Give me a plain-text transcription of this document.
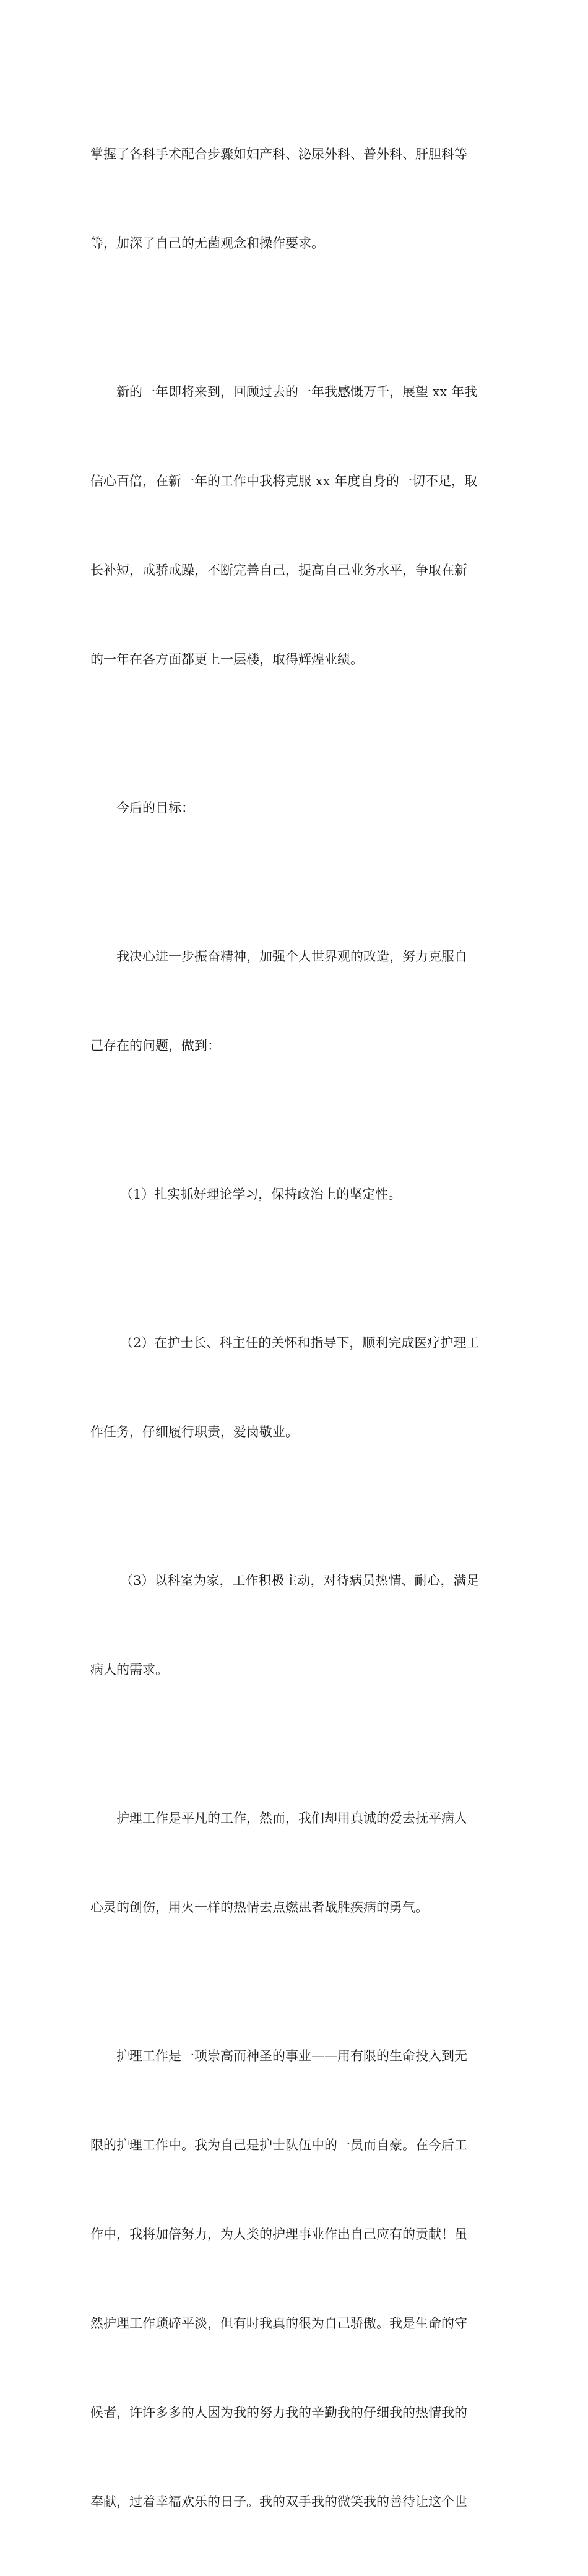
掌握了各科手术配合步骤如妇产科、泌尿外科、普外科、肝胆科等

等，加深了自己的无菌观念和操作要求。

新的一年即将来到，回顾过去的一年我感慨万千，展望 xx 年我

信心百倍，在新一年的工作中我将克服 xx 年度自身的一切不足，取

长补短，戒骄戒躁，不断完善自己，提高自己业务水平，争取在新

的一年在各方面都更上一层楼，取得辉煌业绩。

今后的目标：

我决心进一步振奋精神，加强个人世界观的改造，努力克服自

己存在的问题，做到：

（1）扎实抓好理论学习，保持政治上的坚定性。

（2）在护士长、科主任的关怀和指导下，顺利完成医疗护理工

作任务，仔细履行职责，爱岗敬业。

（3）以科室为家，工作积极主动，对待病员热情、耐心，满足

病人的需求。

护理工作是平凡的工作，然而，我们却用真诚的爱去抚平病人

心灵的创伤，用火一样的热情去点燃患者战胜疾病的勇气。

护理工作是一项崇高而神圣的事业——用有限的生命投入到无

限的护理工作中。我为自己是护士队伍中的一员而自豪。在今后工

作中，我将加倍努力，为人类的护理事业作出自己应有的贡献！虽

然护理工作琐碎平淡，但有时我真的很为自己骄傲。我是生命的守

候者，许许多多的人因为我的努力我的辛勤我的仔细我的热情我的

奉献，过着幸福欢乐的日子。我的双手我的微笑我的善待让这个世
